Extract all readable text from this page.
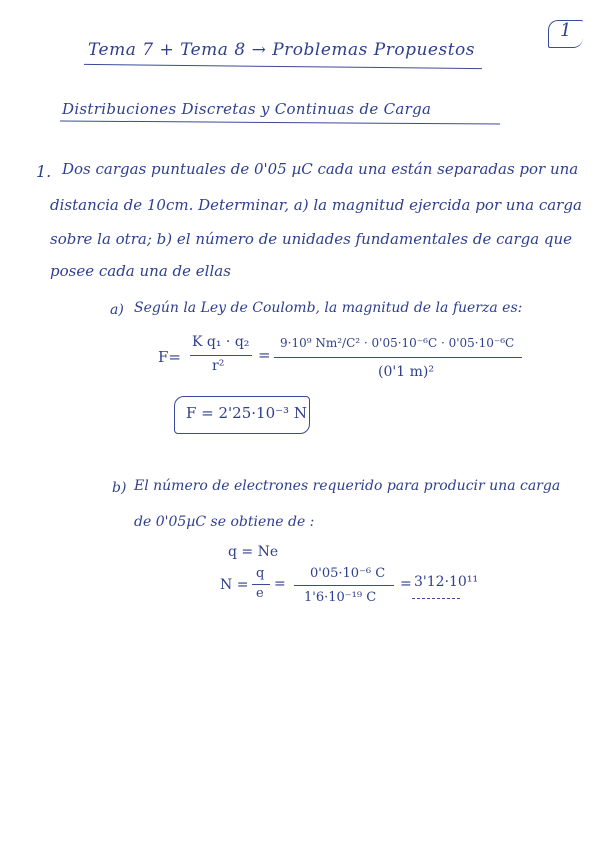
Tema 7 + Tema 8 → Problemas Propuestos
1
Distribuciones Discretas y Continuas de Carga
1. Dos cargas puntuales de 0'05 µC cada una están separadas por una
distancia de 10cm. Determinar, a) la magnitud ejercida por una carga
sobre la otra; b) el número de unidades fundamentales de carga que
posee cada una de ellas
a) Según la Ley de Coulomb, la magnitud de la fuerza es:
F=
K q₁ · q₂
r²
=
9·10⁹ Nm²/C² · 0'05·10⁻⁶C · 0'05·10⁻⁶C
(0'1 m)²
F = 2'25·10⁻³ N
b) El número de electrones requerido para producir una carga
de 0'05µC se obtiene de :
q = Ne
N =
q
e
=
0'05·10⁻⁶ C
1'6·10⁻¹⁹ C
= 3'12·10¹¹
